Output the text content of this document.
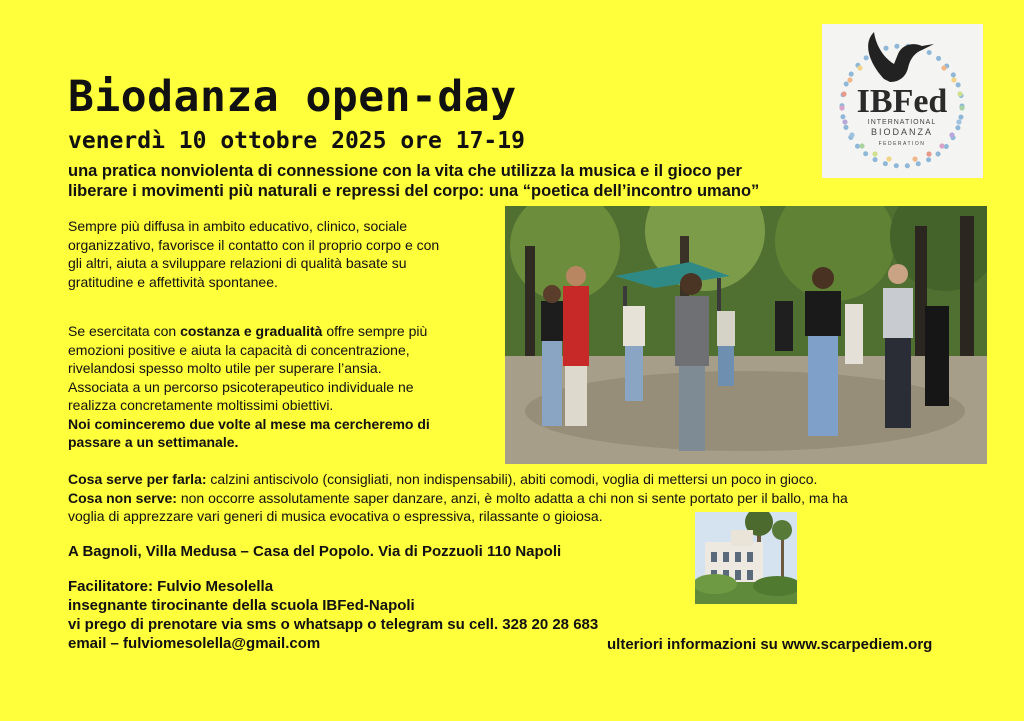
Biodanza open-day
venerdì 10 ottobre 2025 ore 17-19
una pratica nonviolenta di connessione con la vita che utilizza la musica e il gioco per
liberare i movimenti più naturali e repressi del corpo: una “poetica dell’incontro umano”
Sempre più diffusa in ambito educativo, clinico, sociale
organizzativo, favorisce il contatto con il proprio corpo e con
gli altri, aiuta a sviluppare relazioni di qualità basate su
gratitudine e affettività spontanee.
Se esercitata con costanza e gradualità offre sempre più
emozioni positive e aiuta la capacità di concentrazione,
rivelandosi spesso molto utile per superare l’ansia.
Associata a un percorso psicoterapeutico individuale ne
realizza concretamente moltissimi obiettivi.
Noi cominceremo due volte al mese ma cercheremo di
passare a un settimanale.
Cosa serve per farla: calzini antiscivolo (consigliati, non indispensabili), abiti comodi, voglia di mettersi un poco in gioco.
Cosa non serve: non occorre assolutamente saper danzare, anzi, è molto adatta a chi non si sente portato per il ballo, ma ha
voglia di apprezzare vari generi di musica evocativa o espressiva, rilassante o gioiosa.
A Bagnoli, Villa Medusa – Casa del Popolo. Via di Pozzuoli 110 Napoli
Facilitatore: Fulvio Mesolella
insegnante tirocinante della scuola IBFed-Napoli
vi prego di prenotare via sms o whatsapp o telegram su cell. 328 20 28 683
email – fulviomesolella@gmail.com	ulteriori informazioni su www.scarpediem.org
IBFed
INTERNATIONAL
BIODANZA
FEDERATION
